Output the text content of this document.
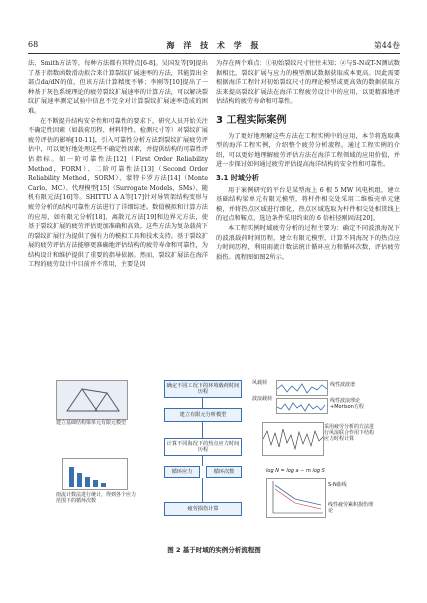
68	海 洋 技 术 学 报	第44卷

法、Smith方法等，每种方法都有其特点[6-8]。吴国发等[9]提出了基于指数函数滑动拟合来计算裂纹扩展速率的方法，其能算出全部点da/dN的值，但该方法计算精度不够；李刚等[10]提出了一种基于灰色系统理论的疲劳裂纹扩展速率的计算方法，可以解决裂纹扩展速率测定试验中信息不完全对计算裂纹扩展速率造成的困难。

在不断提升结构安全性和可靠性的要求下，研究人员开始关注不确定性因素（如载荷历程、材料特性、检测尺寸等）对裂纹扩展疲劳评估的影响[10-11]，引入可靠性分析方法到裂纹扩展疲劳评估中，可以更好地处理这些不确定性因素，并提供结构的可靠性评估指标。如一阶可靠性法[12]（First Order Reliability Method，FORM）、二阶可靠性法[13]（Second Order Reliability Method，SORM）、蒙特卡罗方法[14]（Monte Carlo，MC）、代理模型[15]（Surrogate Models，SMs）、随机有限元法[16]等。SHITTU A A等[17]针对导管架结构变形与疲劳分析的结构可靠性方法进行了详细综述。数值模拟和计算方法的应用，如有限元分析[18]、离散元方法[19]和边界元方法，使基于裂纹扩展的疲劳评估更加准确和高效。这些方法为复杂载荷下的裂纹扩展行为提供了强有力的模拟工具和技术支持。基于裂纹扩展的疲劳评估方法能够更准确地评估结构的疲劳寿命和可靠性，为结构设计和维护提供了重要的指导依据。然而，裂纹扩展法在海洋工程的疲劳设计中目前并不常用，主要是因

为存在两个难点：①初始裂纹尺寸往往未知；②与S-N或T-N测试数据相比，裂纹扩展与应力的模型测试数据获取成本更高。因此需要根据海洋工程针对初始裂纹尺寸的理论模型或更高效的数据获取方法来提高裂纹扩展法在海洋工程疲劳设计中的应用，以更精准地评估结构的疲劳寿命和可靠性。

3 工程实际案例

为了更好地理解这些方法在工程实例中的应用，本节将选取典型的海洋工程实例，介绍整个疲劳分析流程。通过工程实例的介绍，可以更好地理解疲劳评估方法在海洋工程领域的应用价值，并进一步探讨如何通过疲劳评估提高海洋结构的安全性和可靠性。

3.1 时域分析

用于案例研究的平台是某型海上 6 根 5 MW 风电机组，建立基础结构梁单元有限元模型，将杆件相交处采用二维板壳单元建模，并将热点区域进行细化，热点区域选取为杆件相交处相贯线上的冠点和鞍点，选边条件采用约束的 6 倍桩径刚固法[20]。

本工程实例时域疲劳分析的过程主要为：确定不同波浪海况下的波浪载荷时间历程，建立有限元模型，计算不同海况下的热点应力时间历程，利用雨流计数法统计循环应力和循环次数，评估疲劳损伤。流程图如图2所示。

建立基础结构梁单元有限元模型
雨流计数法进行统计，得到各个应力范围下的循环次数
确定不同工况下的环境载荷时间历程
建立有限元分析模型
计算不同海况下的热点应力时间历程
循环应力	循环次数
疲劳损伤计算
风载荷
波浪载荷
线性波波谱
线性波浪理论+Morison方程
采用疲劳分析的方法进行风浪联合作用下结构应力时程计算
log N = log a − m log S
S-N曲线
线性疲劳累积损伤理论
图 2 基于时域的实例分析流程图
